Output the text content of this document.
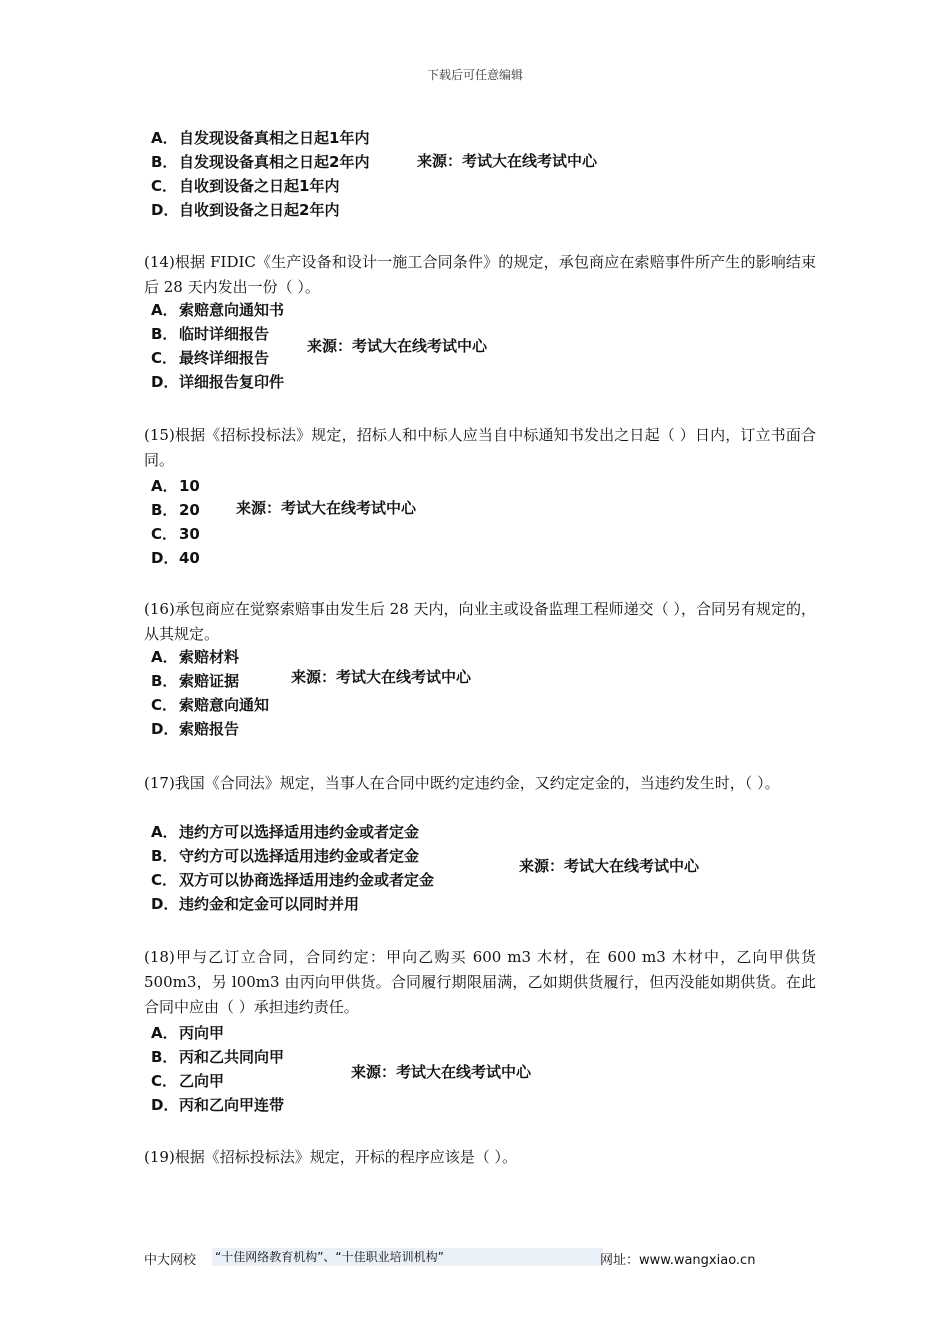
下载后可任意编辑
A．自发现设备真相之日起1年内
B． 自发现设备真相之日起2年内
C． 自收到设备之日起1年内
D．自收到设备之日起2年内
来源：考试大在线考试中心
(14)根据 FIDIC《生产设备和设计一施工合同条件》的规定，承包商应在索赔事件所产生的影响结束后 28 天内发出一份（ ）。
A．索赔意向通知书
B． 临时详细报告
C． 最终详细报告
D．详细报告复印件
来源：考试大在线考试中心
(15)根据《招标投标法》规定，招标人和中标人应当自中标通知书发出之日起（ ）日内，订立书面合同。
A．10
B． 20
C． 30
D．40
来源：考试大在线考试中心
(16)承包商应在觉察索赔事由发生后 28 天内，向业主或设备监理工程师递交（ ），合同另有规定的，从其规定。
A．索赔材料
B． 索赔证据
C． 索赔意向通知
D．索赔报告
来源：考试大在线考试中心
(17)我国《合同法》规定，当事人在合同中既约定违约金，又约定定金的，当违约发生时，（ ）。
A．违约方可以选择适用违约金或者定金
B． 守约方可以选择适用违约金或者定金
C． 双方可以协商选择适用违约金或者定金
D．违约金和定金可以同时并用
来源：考试大在线考试中心
(18)甲与乙订立合同，合同约定：甲向乙购买 600 m3 木材，在 600 m3 木材中，乙向甲供货 500m3，另 l00m3 由丙向甲供货。合同履行期限届满，乙如期供货履行，但丙没能如期供货。在此合同中应由（ ）承担违约责任。
A．丙向甲
B． 丙和乙共同向甲
C． 乙向甲
D．丙和乙向甲连带
来源：考试大在线考试中心
(19)根据《招标投标法》规定，开标的程序应该是（ ）。
中大网校 “十佳网络教育机构”、“十佳职业培训机构”	网址：www.wangxiao.cn
